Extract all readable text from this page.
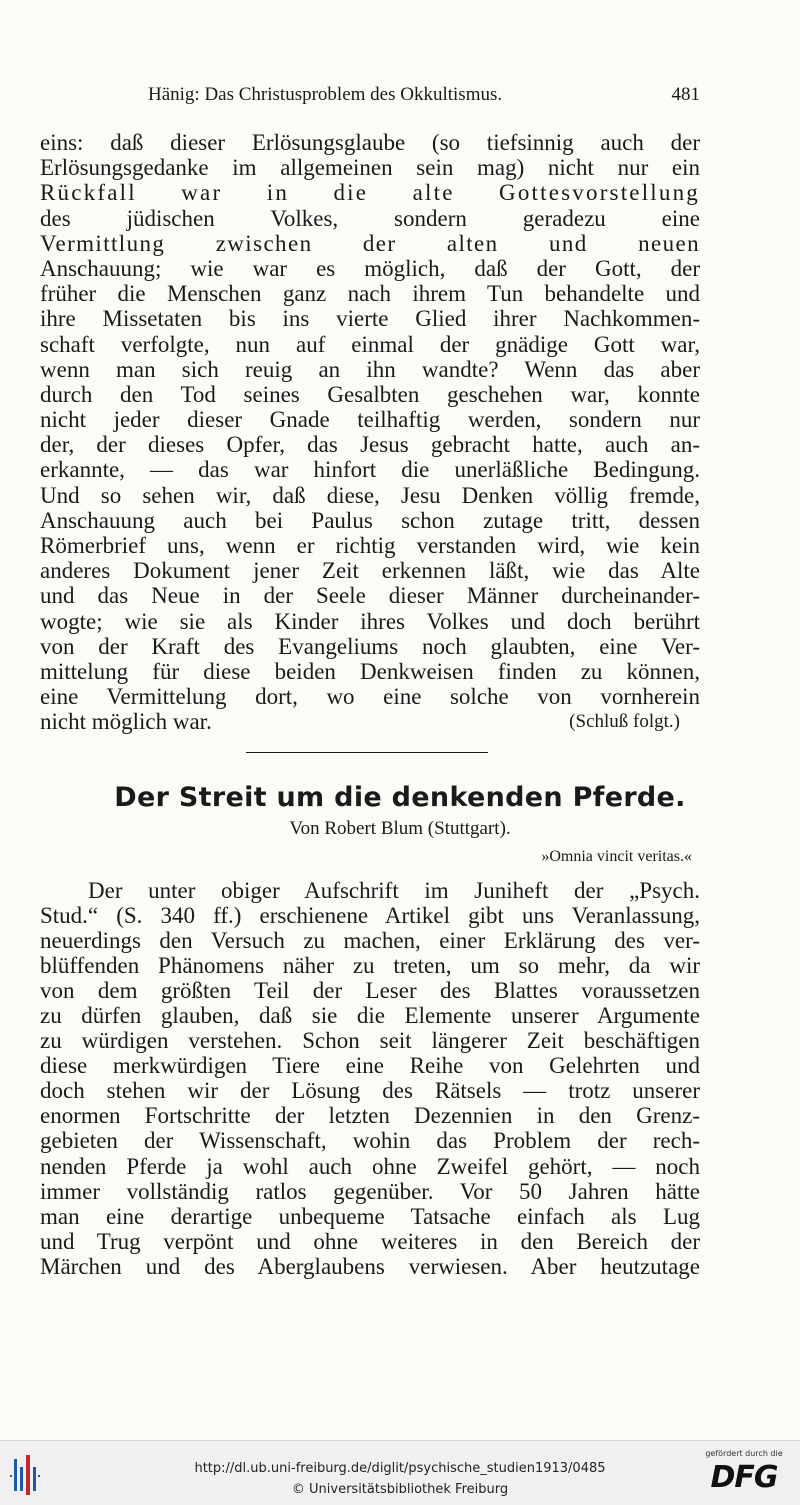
Hänig: Das Christusproblem des Okkultismus.	481
eins: daß dieser Erlösungsglaube (so tiefsinnig auch der
Erlösungsgedanke im allgemeinen sein mag) nicht nur ein
Rückfall war in die alte Gottesvorstellung
des jüdischen Volkes, sondern geradezu eine
Vermittlung zwischen der alten und neuen
Anschauung; wie war es möglich, daß der Gott, der
früher die Menschen ganz nach ihrem Tun behandelte und
ihre Missetaten bis ins vierte Glied ihrer Nachkommen-
schaft verfolgte, nun auf einmal der gnädige Gott war,
wenn man sich reuig an ihn wandte? Wenn das aber
durch den Tod seines Gesalbten geschehen war, konnte
nicht jeder dieser Gnade teilhaftig werden, sondern nur
der, der dieses Opfer, das Jesus gebracht hatte, auch an-
erkannte, — das war hinfort die unerläßliche Bedingung.
Und so sehen wir, daß diese, Jesu Denken völlig fremde,
Anschauung auch bei Paulus schon zutage tritt, dessen
Römerbrief uns, wenn er richtig verstanden wird, wie kein
anderes Dokument jener Zeit erkennen läßt, wie das Alte
und das Neue in der Seele dieser Männer durcheinander-
wogte; wie sie als Kinder ihres Volkes und doch berührt
von der Kraft des Evangeliums noch glaubten, eine Ver-
mittelung für diese beiden Denkweisen finden zu können,
eine Vermittelung dort, wo eine solche von vornherein
nicht möglich war.	(Schluß folgt.)
Der Streit um die denkenden Pferde.
Von Robert Blum (Stuttgart).
»Omnia vincit veritas.«
Der unter obiger Aufschrift im Juniheft der „Psych.
Stud.“ (S. 340 ff.) erschienene Artikel gibt uns Veranlassung,
neuerdings den Versuch zu machen, einer Erklärung des ver-
blüffenden Phänomens näher zu treten, um so mehr, da wir
von dem größten Teil der Leser des Blattes voraussetzen
zu dürfen glauben, daß sie die Elemente unserer Argumente
zu würdigen verstehen. Schon seit längerer Zeit beschäftigen
diese merkwürdigen Tiere eine Reihe von Gelehrten und
doch stehen wir der Lösung des Rätsels — trotz unserer
enormen Fortschritte der letzten Dezennien in den Grenz-
gebieten der Wissenschaft, wohin das Problem der rech-
nenden Pferde ja wohl auch ohne Zweifel gehört, — noch
immer vollständig ratlos gegenüber. Vor 50 Jahren hätte
man eine derartige unbequeme Tatsache einfach als Lug
und Trug verpönt und ohne weiteres in den Bereich der
Märchen und des Aberglaubens verwiesen. Aber heutzutage
http://dl.ub.uni-freiburg.de/diglit/psychische_studien1913/0485
© Universitätsbibliothek Freiburg
gefördert durch die
DFG
